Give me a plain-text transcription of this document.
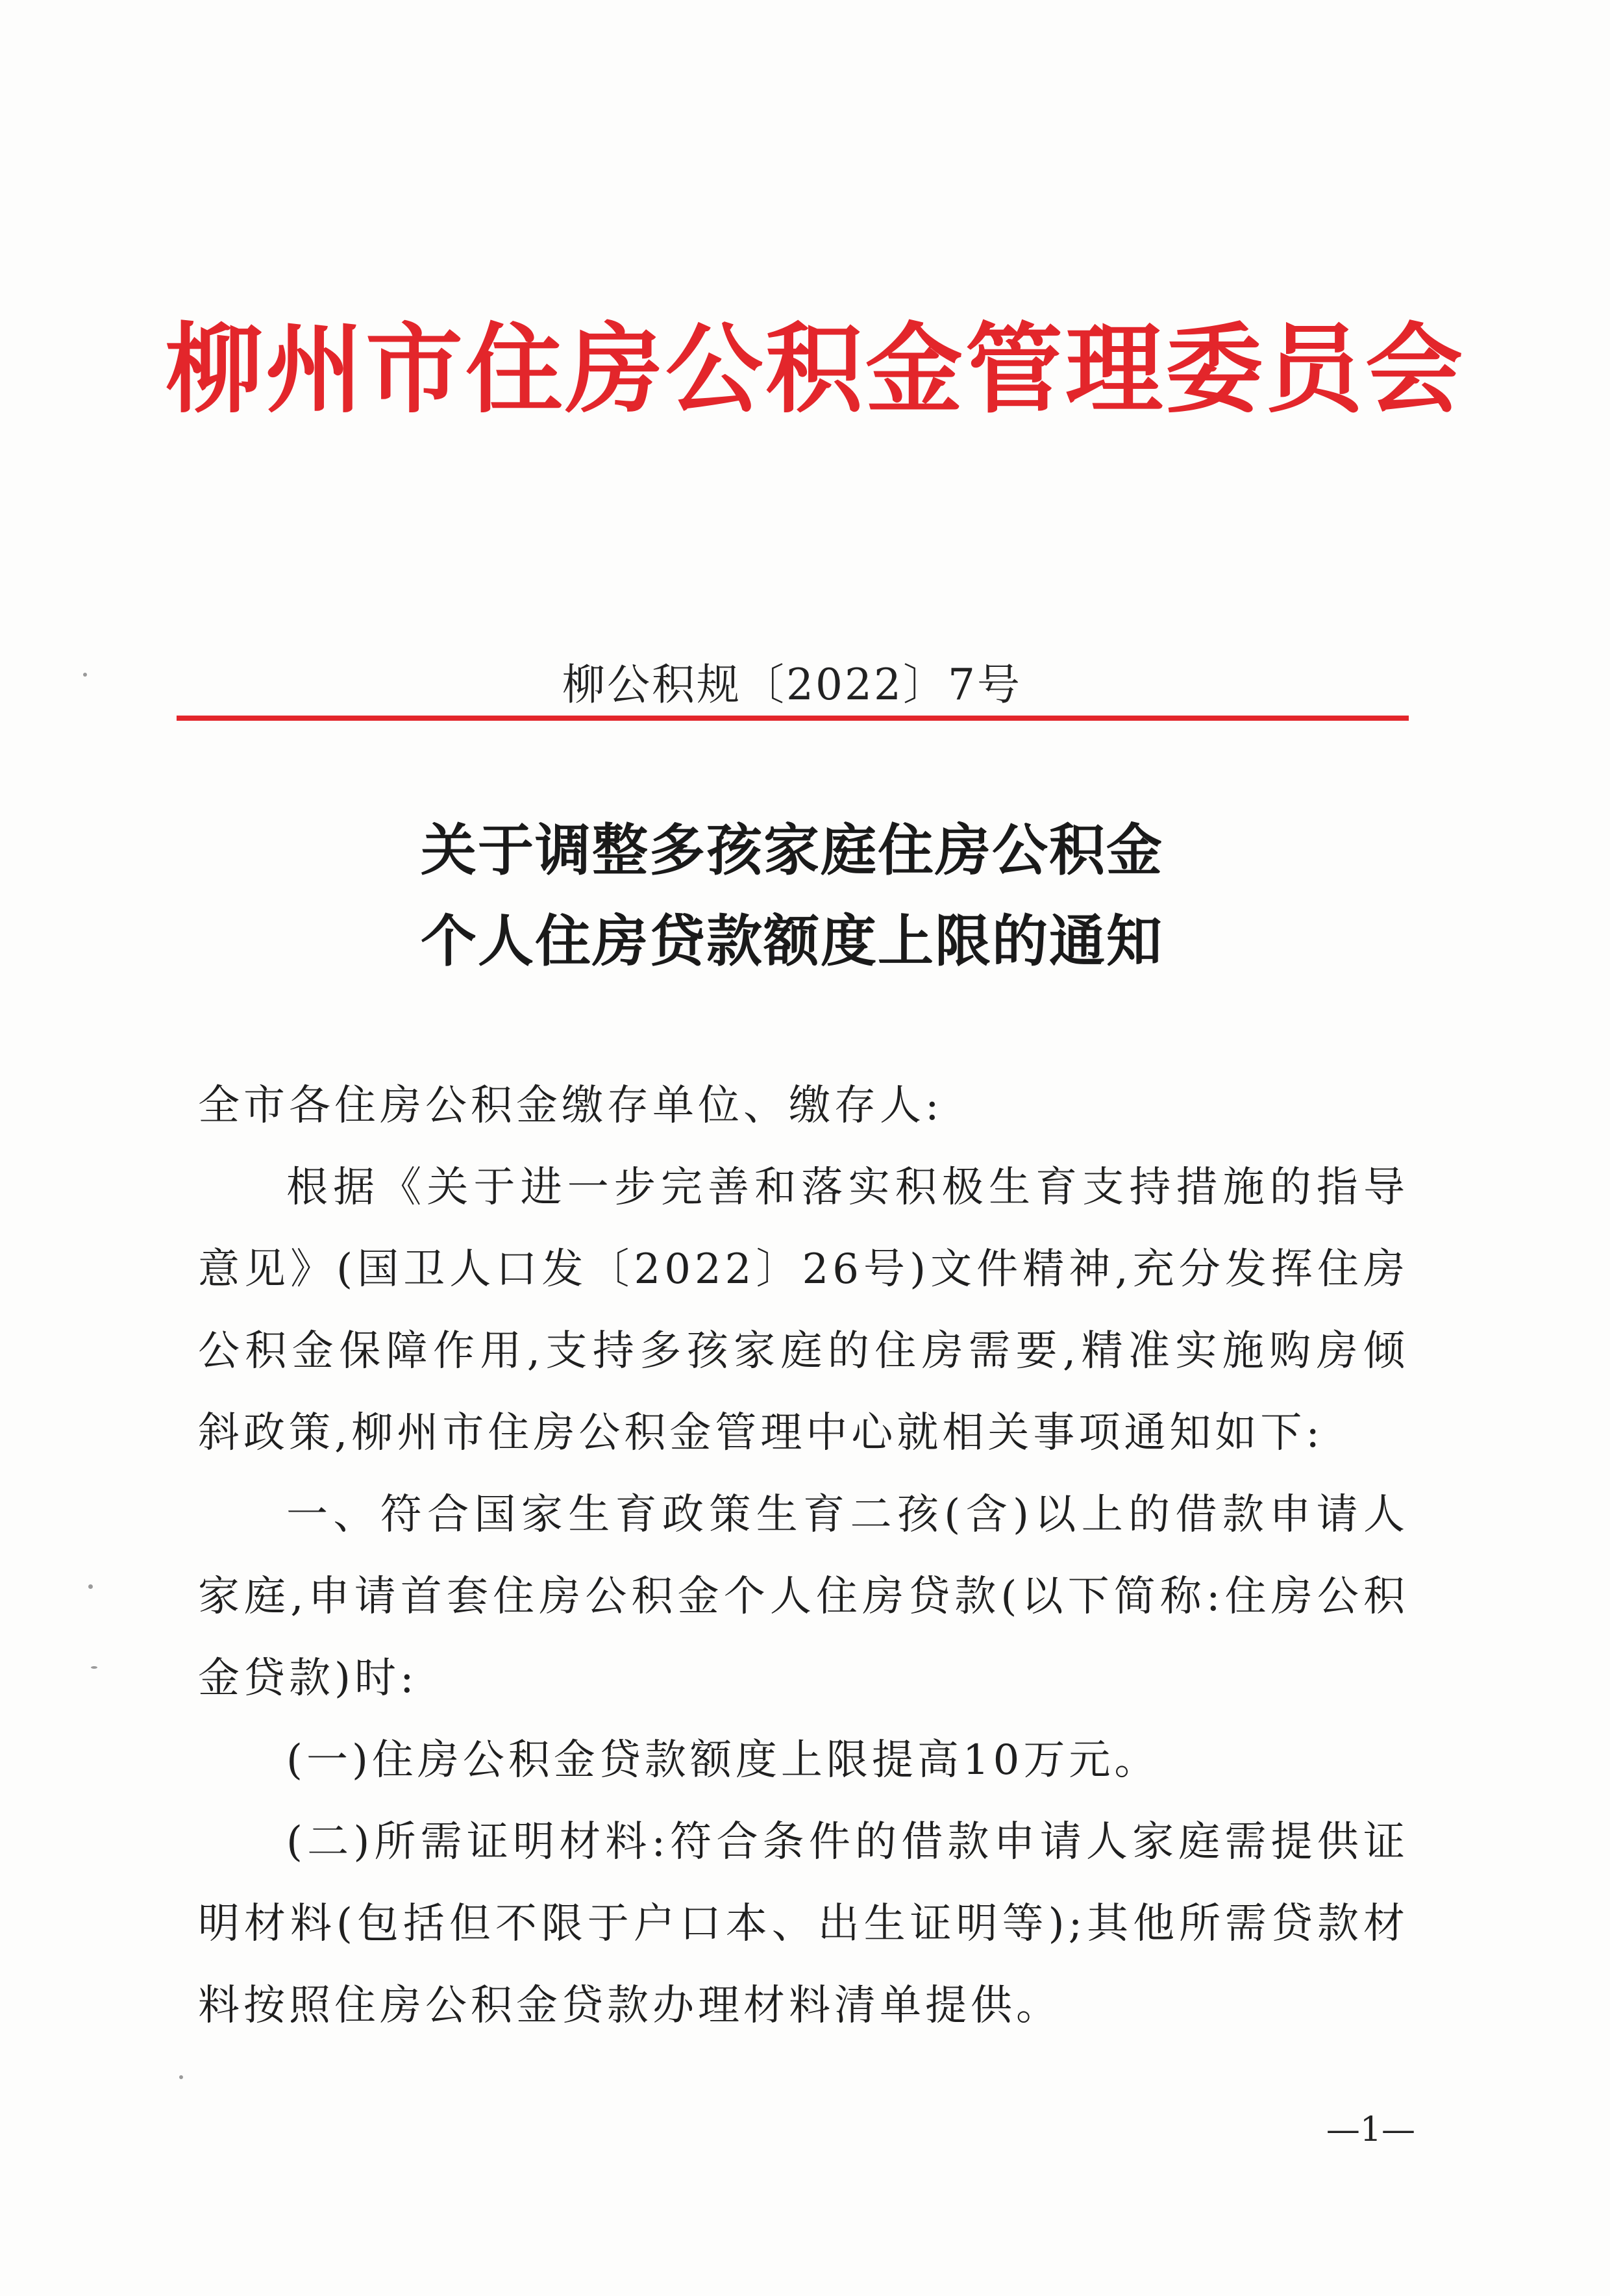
柳州市住房公积金管理委员会
柳公积规〔2022〕7号
关于调整多孩家庭住房公积金
个人住房贷款额度上限的通知

全市各住房公积金缴存单位、缴存人:

根据《关于进一步完善和落实积极生育支持措施的指导意见》(国卫人口发〔2022〕26号)文件精神,充分发挥住房公积金保障作用,支持多孩家庭的住房需要,精准实施购房倾斜政策,柳州市住房公积金管理中心就相关事项通知如下:

一、符合国家生育政策生育二孩(含)以上的借款申请人家庭,申请首套住房公积金个人住房贷款(以下简称:住房公积金贷款)时:

(一)住房公积金贷款额度上限提高10万元。

(二)所需证明材料:符合条件的借款申请人家庭需提供证明材料(包括但不限于户口本、出生证明等);其他所需贷款材料按照住房公积金贷款办理材料清单提供。

—1—
